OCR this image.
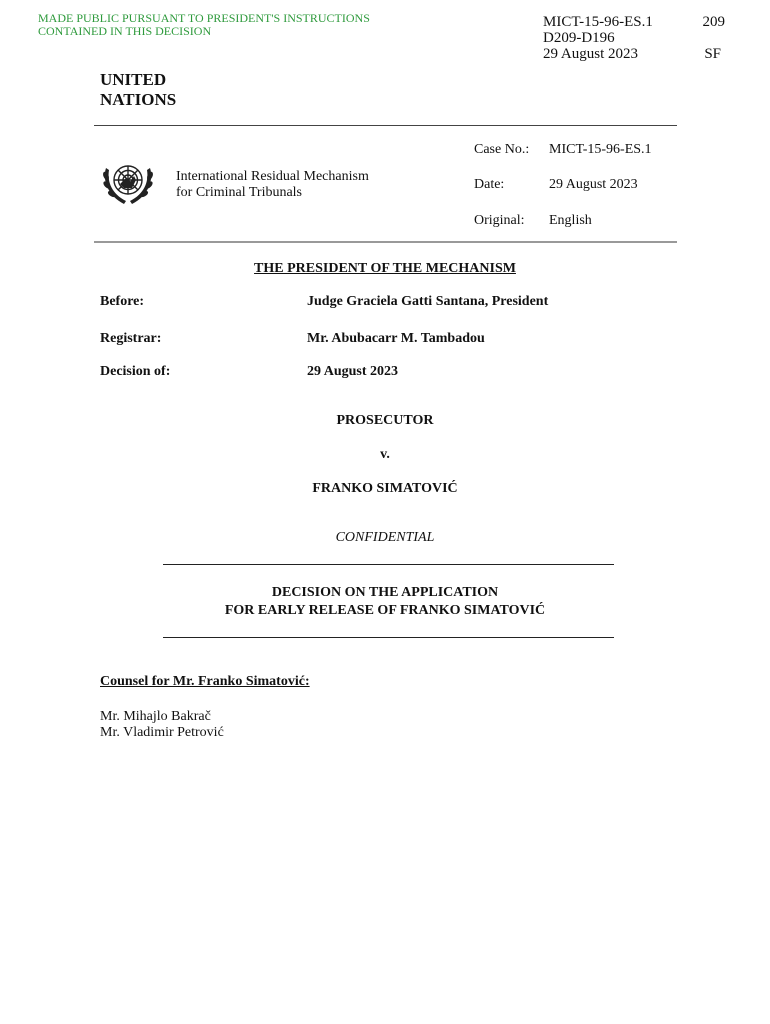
MADE PUBLIC PURSUANT TO PRESIDENT'S INSTRUCTIONS
CONTAINED IN THIS DECISION
MICT-15-96-ES.1
D209-D196
29 August 2023
209
SF
UNITED
NATIONS
International Residual Mechanism
for Criminal Tribunals
Case No.: MICT-15-96-ES.1
Date:	29 August 2023
Original: English
THE PRESIDENT OF THE MECHANISM
Before:	Judge Graciela Gatti Santana, President
Registrar:	Mr. Abubacarr M. Tambadou
Decision of:	29 August 2023
PROSECUTOR
v.
FRANKO SIMATOVIĆ
CONFIDENTIAL
DECISION ON THE APPLICATION
FOR EARLY RELEASE OF FRANKO SIMATOVIĆ
Counsel for Mr. Franko Simatović:
Mr. Mihajlo Bakrač
Mr. Vladimir Petrović
